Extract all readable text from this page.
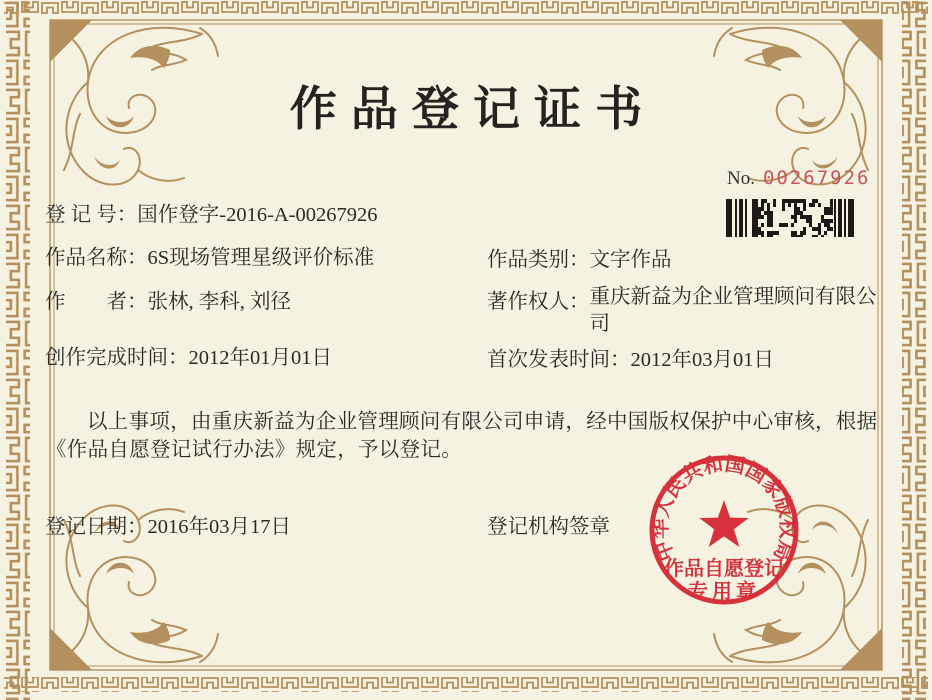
作品登记证书
No. 00267926
登 记 号：国作登字-2016-A-00267926
作品名称：6S现场管理星级评价标准
作　　者：张林, 李科, 刘径
创作完成时间：2012年01月01日
作品类别：文字作品
著作权人： 重庆新益为企业管理顾问有限公司
首次发表时间：2012年03月01日
以上事项，由重庆新益为企业管理顾问有限公司申请，经中国版权保护中心审核，根据《作品自愿登记试行办法》规定，予以登记。
登记日期：2016年03月17日	登记机构签章
中华人民共和国国家版权局
作品自愿登记
专用章
